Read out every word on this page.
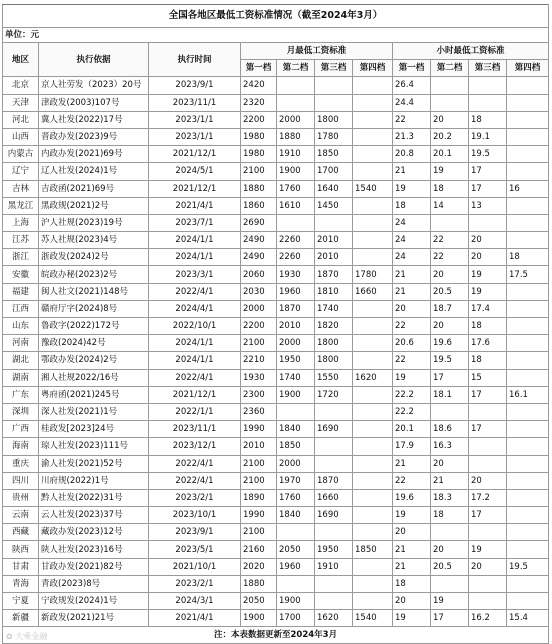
全国各地区最低工资标准情况（截至2024年3月）										
单位：元										
地区	执行依据	执行时间	月最低工资标准				小时最低工资标准			
			第一档	第二档	第三档	第四档	第一档	第二档	第三档	第四档
北京	京人社劳发（2023）20号	2023/9/1	2420				26.4			
天津	津政发(2003)107号	2023/11/1	2320				24.4			
河北	冀人社发(2022)17号	2023/1/1	2200	2000	1800		22	20	18	
山西	晋政办发(2023)9号	2023/1/1	1980	1880	1780		21.3	20.2	19.1	
内蒙古	内政办发(2021)69号	2021/12/1	1980	1910	1850		20.8	20.1	19.5	
辽宁	辽人社发(2024)1号	2024/5/1	2100	1900	1700		21	19	17	
吉林	吉政函(2021)69号	2021/12/1	1880	1760	1640	1540	19	18	17	16
黑龙江	黑政规(2021)2号	2021/4/1	1860	1610	1450		18	14	13	
上海	沪人社规(2023)19号	2023/7/1	2690				24			
江苏	苏人社规(2023)4号	2024/1/1	2490	2260	2010		24	22	20	
浙江	浙政发(2024)2号	2024/1/1	2490	2260	2010		24	22	20	18
安徽	皖政办秘(2023)2号	2023/3/1	2060	1930	1870	1780	21	20	19	17.5
福建	闽人社文(2021)148号	2022/4/1	2030	1960	1810	1660	21	20.5	19	
江西	赣府厅字(2024)8号	2024/4/1	2000	1870	1740		20	18.7	17.4	
山东	鲁政字(2022)172号	2022/10/1	2200	2010	1820		22	20	18	
河南	豫政(2024)42号	2024/1/1	2100	2000	1800		20.6	19.6	17.6	
湖北	鄂政办发(2024)2号	2024/1/1	2210	1950	1800		22	19.5	18	
湖南	湘人社规2022/16号	2022/4/1	1930	1740	1550	1620	19	17	15	
广东	粤府函(2021)245号	2021/12/1	2300	1900	1720		22.2	18.1	17	16.1
深圳	深人社发(2021)1号	2022/1/1	2360				22.2			
广西	桂政发[2023]24号	2023/11/1	1990	1840	1690		20.1	18.6	17	
海南	琼人社发(2023)111号	2023/12/1	2010	1850			17.9	16.3		
重庆	渝人社发(2021)52号	2022/4/1	2100	2000			21	20		
四川	川府规(2022)1号	2022/4/1	2100	1970	1870		22	21	20	
贵州	黔人社发(2022)31号	2023/2/1	1890	1760	1660		19.6	18.3	17.2	
云南	云人社发(2023)37号	2023/10/1	1990	1840	1690		19	18	17	
西藏	藏政办发(2023)12号	2023/9/1	2100				20			
陕西	陕人社发(2023)16号	2023/5/1	2160	2050	1950	1850	21	20	19	
甘肃	甘政办发(2021)82号	2021/10/1	2020	1960	1910		21	20.5	20	19.5
青海	青政(2023)8号	2023/2/1	1880				18			
宁夏	宁政规发(2024)1号	2024/3/1	2050	1900			20	19		
新疆	新政发(2021)21号	2021/4/1	1900	1700	1620	1540	19	17	16.2	15.4
注：本表数据更新至2024年3月										
✿ 大乘金融
